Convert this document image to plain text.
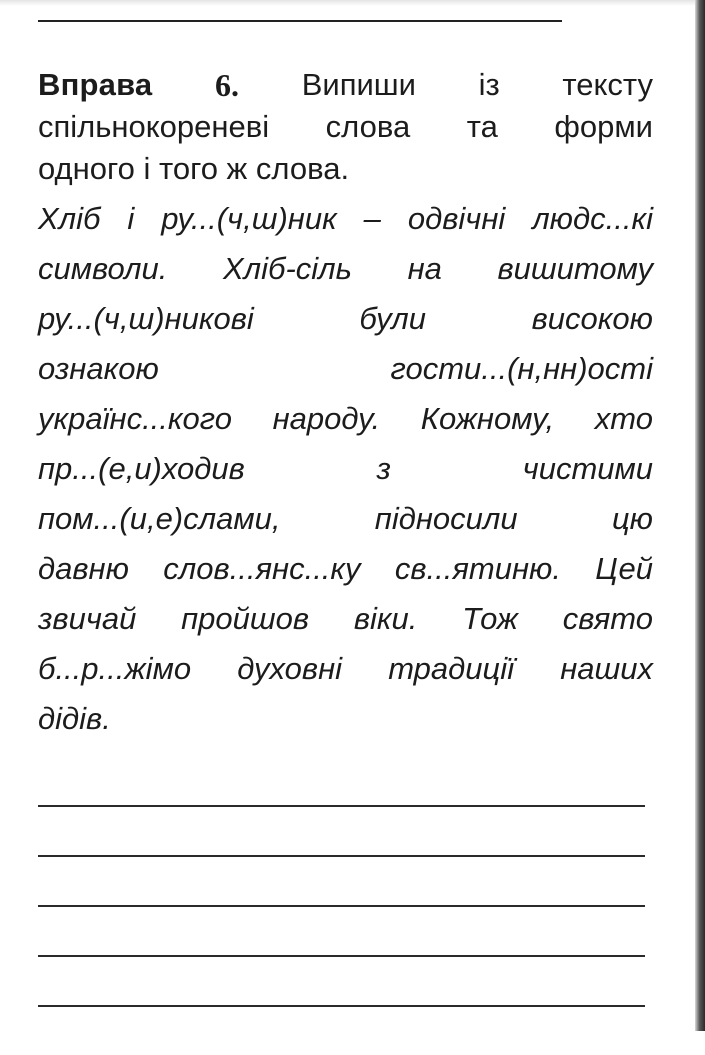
Вправа 6. Випиши із тексту
спільнокореневі слова та форми
одного і того ж слова.
Хліб і ру...(ч,ш)ник – одвічні людс...кі
символи. Хліб-сіль на вишитому
ру...(ч,ш)никові	були	високою
ознакою	гости...(н,нн)ості
українс...кого народу. Кожному, хто
пр...(е,и)ходив	з	чистими
пом...(и,е)слами,	підносили	цю
давню слов...янс...ку св...ятиню. Цей
звичай пройшов віки. Тож свято
б...р...жімо духовні традиції наших
дідів.
